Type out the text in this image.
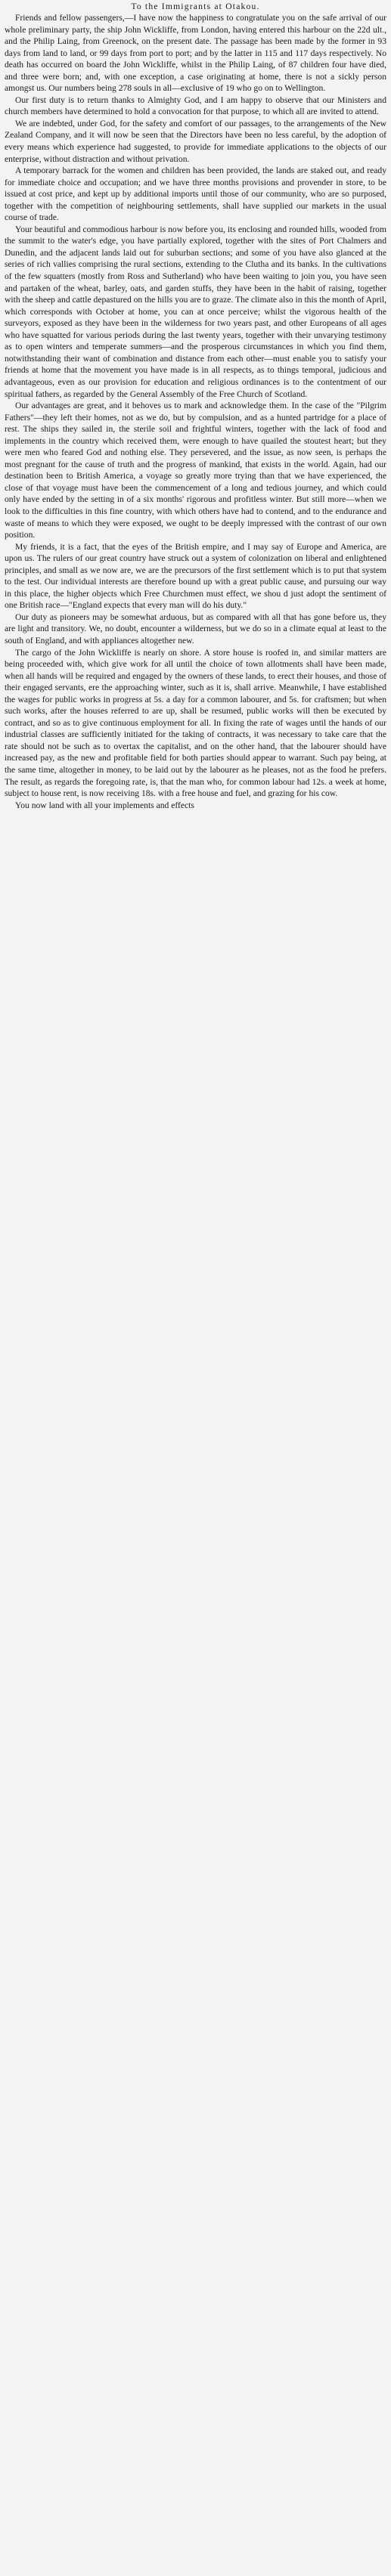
To the Immigrants at Otakou.

Friends and fellow passengers,—I have now the happiness to congratulate you on the safe arrival of our whole preliminary party, the ship John Wickliffe, from London, having entered this harbour on the 22d ult., and the Philip Laing, from Greenock, on the present date. The passage has been made by the former in 93 days from land to land, or 99 days from port to port; and by the latter in 115 and 117 days respectively. No death has occurred on board the John Wickliffe, whilst in the Philip Laing, of 87 children four have died, and three were born; and, with one exception, a case originating at home, there is not a sickly person amongst us. Our numbers being 278 souls in all—exclusive of 19 who go on to Wellington.

Our first duty is to return thanks to Almighty God, and I am happy to observe that our Ministers and church members have determined to hold a convocation for that purpose, to which all are invited to attend.

We are indebted, under God, for the safety and comfort of our passages, to the arrangements of the New Zealand Company, and it will now be seen that the Directors have been no less careful, by the adoption of every means which experience had suggested, to provide for immediate applications to the objects of our enterprise, without distraction and without privation.

A temporary barrack for the women and children has been provided, the lands are staked out, and ready for immediate choice and occupation; and we have three months provisions and provender in store, to be issued at cost price, and kept up by additional imports until those of our community, who are so purposed, together with the competition of neighbouring settlements, shall have supplied our markets in the usual course of trade.

Your beautiful and commodious harbour is now before you, its enclosing and rounded hills, wooded from the summit to the water's edge, you have partially explored, together with the sites of Port Chalmers and Dunedin, and the adjacent lands laid out for suburban sections; and some of you have also glanced at the series of rich vallies comprising the rural sections, extending to the Clutha and its banks. In the cultivations of the few squatters (mostly from Ross and Sutherland) who have been waiting to join you, you have seen and partaken of the wheat, barley, oats, and garden stuffs, they have been in the habit of raising, together with the sheep and cattle depastured on the hills you are to graze. The climate also in this the month of April, which corresponds with October at home, you can at once perceive; whilst the vigorous health of the surveyors, exposed as they have been in the wilderness for two years past, and other Europeans of all ages who have squatted for various periods during the last twenty years, together with their unvarying testimony as to open winters and temperate summers—and the prosperous circumstances in which you find them, notwithstanding their want of combination and distance from each other—must enable you to satisfy your friends at home that the movement you have made is in all respects, as to things temporal, judicious and advantageous, even as our provision for education and religious ordinances is to the contentment of our spiritual fathers, as regarded by the General Assembly of the Free Church of Scotland.

Our advantages are great, and it behoves us to mark and acknowledge them. In the case of the "Pilgrim Fathers"—they left their homes, not as we do, but by compulsion, and as a hunted partridge for a place of rest. The ships they sailed in, the sterile soil and frightful winters, together with the lack of food and implements in the country which received them, were enough to have quailed the stoutest heart; but they were men who feared God and nothing else. They persevered, and the issue, as now seen, is perhaps the most pregnant for the cause of truth and the progress of mankind, that exists in the world. Again, had our destination been to British America, a voyage so greatly more trying than that we have experienced, the close of that voyage must have been the commencement of a long and tedious journey, and which could only have ended by the setting in of a six months' rigorous and profitless winter. But still more—when we look to the difficulties in this fine country, with which others have had to contend, and to the endurance and waste of means to which they were exposed, we ought to be deeply impressed with the contrast of our own position.

My friends, it is a fact, that the eyes of the British empire, and I may say of Europe and America, are upon us. The rulers of our great country have struck out a system of colonization on liberal and enlightened principles, and small as we now are, we are the precursors of the first settlement which is to put that system to the test. Our individual interests are therefore bound up with a great public cause, and pursuing our way in this place, the higher objects which Free Churchmen must effect, we shou d just adopt the sentiment of one British race—"England expects that every man will do his duty."

Our duty as pioneers may be somewhat arduous, but as compared with all that has gone before us, they are light and transitory. We, no doubt, encounter a wilderness, but we do so in a climate equal at least to the south of England, and with appliances altogether new.

The cargo of the John Wickliffe is nearly on shore. A store house is roofed in, and similar matters are being proceeded with, which give work for all until the choice of town allotments shall have been made, when all hands will be required and engaged by the owners of these lands, to erect their houses, and those of their engaged servants, ere the approaching winter, such as it is, shall arrive. Meanwhile, I have established the wages for public works in progress at 5s. a day for a common labourer, and 5s. for craftsmen; but when such works, after the houses referred to are up, shall be resumed, public works will then be executed by contract, and so as to give continuous employment for all. In fixing the rate of wages until the hands of our industrial classes are sufficiently initiated for the taking of contracts, it was necessary to take care that the rate should not be such as to overtax the capitalist, and on the other hand, that the labourer should have increased pay, as the new and profitable field for both parties should appear to warrant. Such pay being, at the same time, altogether in money, to be laid out by the labourer as he pleases, not as the food he prefers. The result, as regards the foregoing rate, is, that the man who, for common labour had 12s. a week at home, subject to house rent, is now receiving 18s. with a free house and fuel, and grazing for his cow.

You now land with all your implements and effects
